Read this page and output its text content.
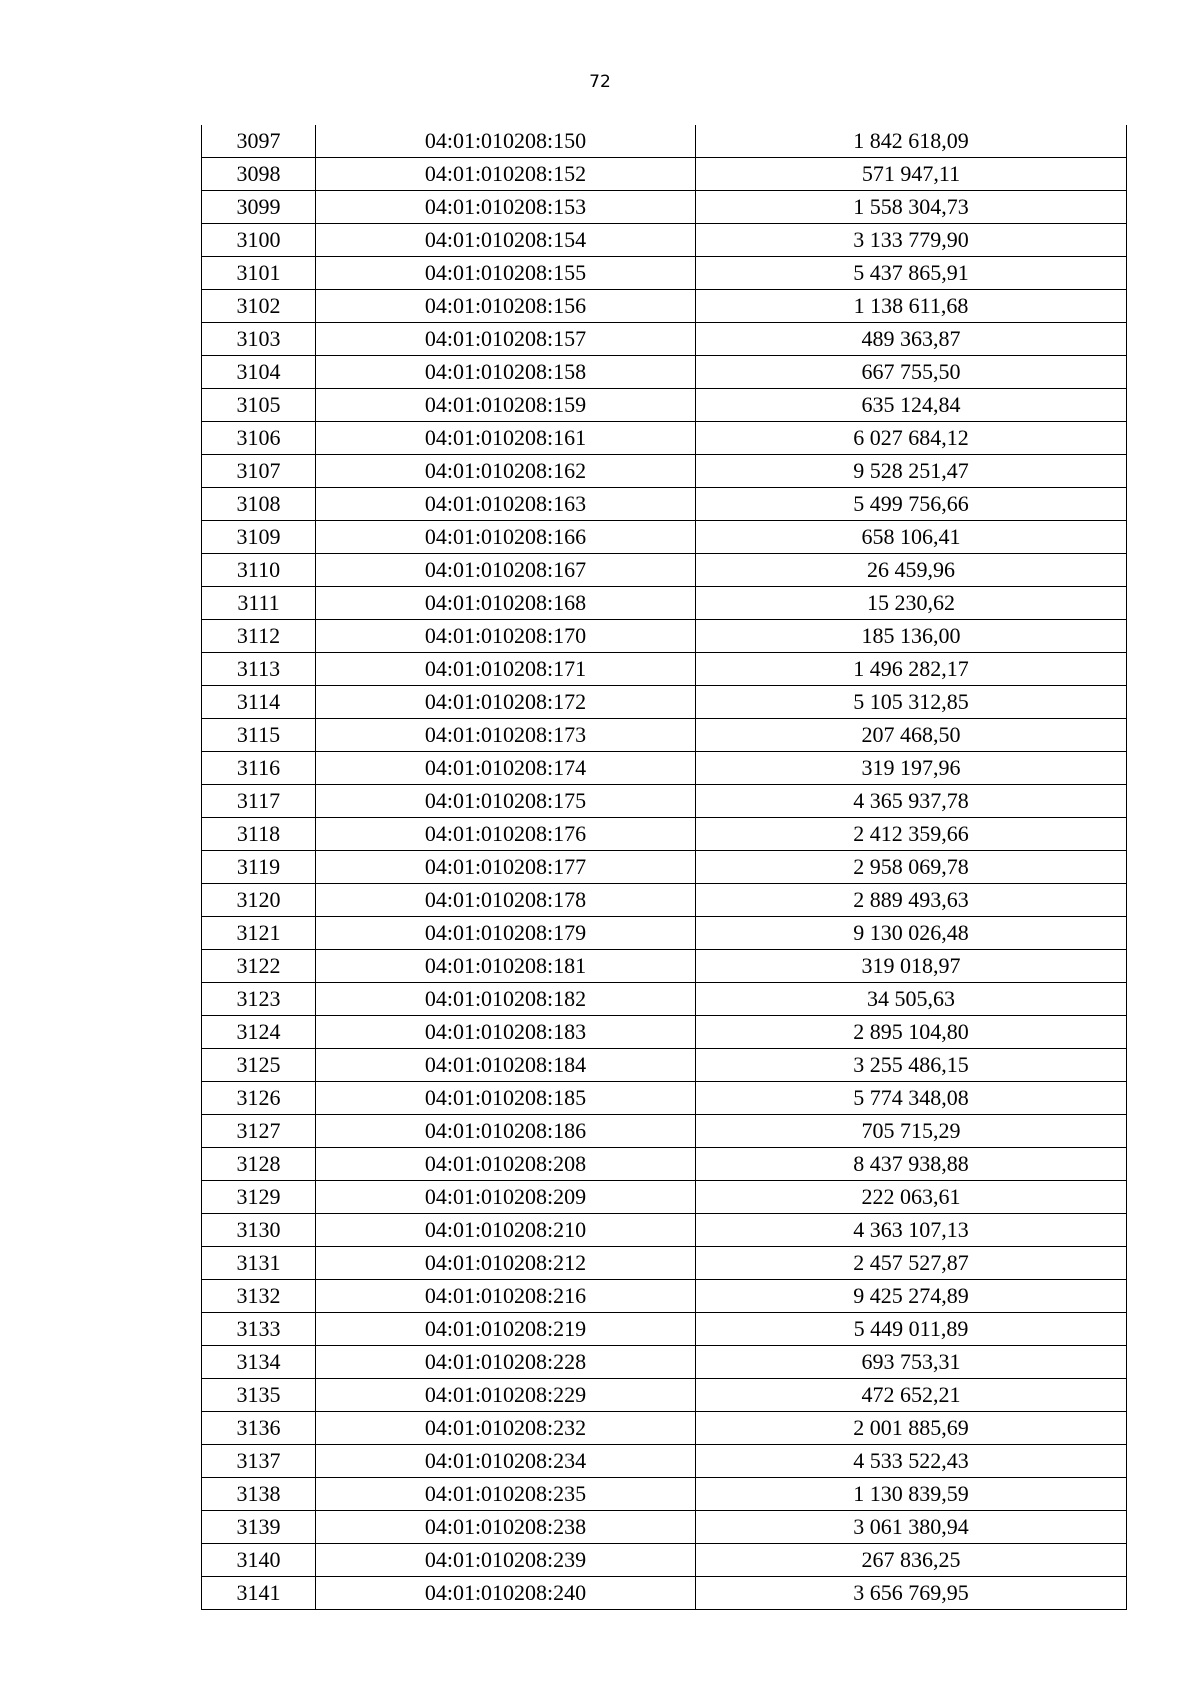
72
3097	04:01:010208:150	1 842 618,09
3098	04:01:010208:152	571 947,11
3099	04:01:010208:153	1 558 304,73
3100	04:01:010208:154	3 133 779,90
3101	04:01:010208:155	5 437 865,91
3102	04:01:010208:156	1 138 611,68
3103	04:01:010208:157	489 363,87
3104	04:01:010208:158	667 755,50
3105	04:01:010208:159	635 124,84
3106	04:01:010208:161	6 027 684,12
3107	04:01:010208:162	9 528 251,47
3108	04:01:010208:163	5 499 756,66
3109	04:01:010208:166	658 106,41
3110	04:01:010208:167	26 459,96
3111	04:01:010208:168	15 230,62
3112	04:01:010208:170	185 136,00
3113	04:01:010208:171	1 496 282,17
3114	04:01:010208:172	5 105 312,85
3115	04:01:010208:173	207 468,50
3116	04:01:010208:174	319 197,96
3117	04:01:010208:175	4 365 937,78
3118	04:01:010208:176	2 412 359,66
3119	04:01:010208:177	2 958 069,78
3120	04:01:010208:178	2 889 493,63
3121	04:01:010208:179	9 130 026,48
3122	04:01:010208:181	319 018,97
3123	04:01:010208:182	34 505,63
3124	04:01:010208:183	2 895 104,80
3125	04:01:010208:184	3 255 486,15
3126	04:01:010208:185	5 774 348,08
3127	04:01:010208:186	705 715,29
3128	04:01:010208:208	8 437 938,88
3129	04:01:010208:209	222 063,61
3130	04:01:010208:210	4 363 107,13
3131	04:01:010208:212	2 457 527,87
3132	04:01:010208:216	9 425 274,89
3133	04:01:010208:219	5 449 011,89
3134	04:01:010208:228	693 753,31
3135	04:01:010208:229	472 652,21
3136	04:01:010208:232	2 001 885,69
3137	04:01:010208:234	4 533 522,43
3138	04:01:010208:235	1 130 839,59
3139	04:01:010208:238	3 061 380,94
3140	04:01:010208:239	267 836,25
3141	04:01:010208:240	3 656 769,95
